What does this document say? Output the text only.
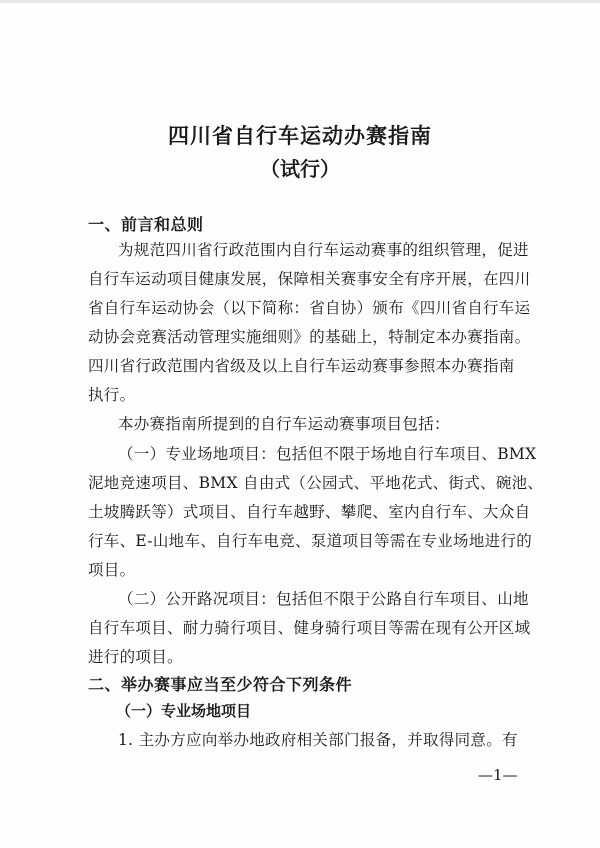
四川省自行车运动办赛指南
（试行）
一、前言和总则
为规范四川省行政范围内自行车运动赛事的组织管理，促进
自行车运动项目健康发展，保障相关赛事安全有序开展，在四川
省自行车运动协会（以下简称：省自协）颁布《四川省自行车运
动协会竞赛活动管理实施细则》的基础上，特制定本办赛指南。
四川省行政范围内省级及以上自行车运动赛事参照本办赛指南
执行。
本办赛指南所提到的自行车运动赛事项目包括：
（一）专业场地项目：包括但不限于场地自行车项目、BMX
泥地竞速项目、BMX 自由式（公园式、平地花式、街式、碗池、
土坡腾跃等）式项目、自行车越野、攀爬、室内自行车、大众自
行车、E-山地车、自行车电竞、泵道项目等需在专业场地进行的
项目。
（二）公开路况项目：包括但不限于公路自行车项目、山地
自行车项目、耐力骑行项目、健身骑行项目等需在现有公开区域
进行的项目。
二、举办赛事应当至少符合下列条件
（一）专业场地项目
1. 主办方应向举办地政府相关部门报备，并取得同意。有
—1—
